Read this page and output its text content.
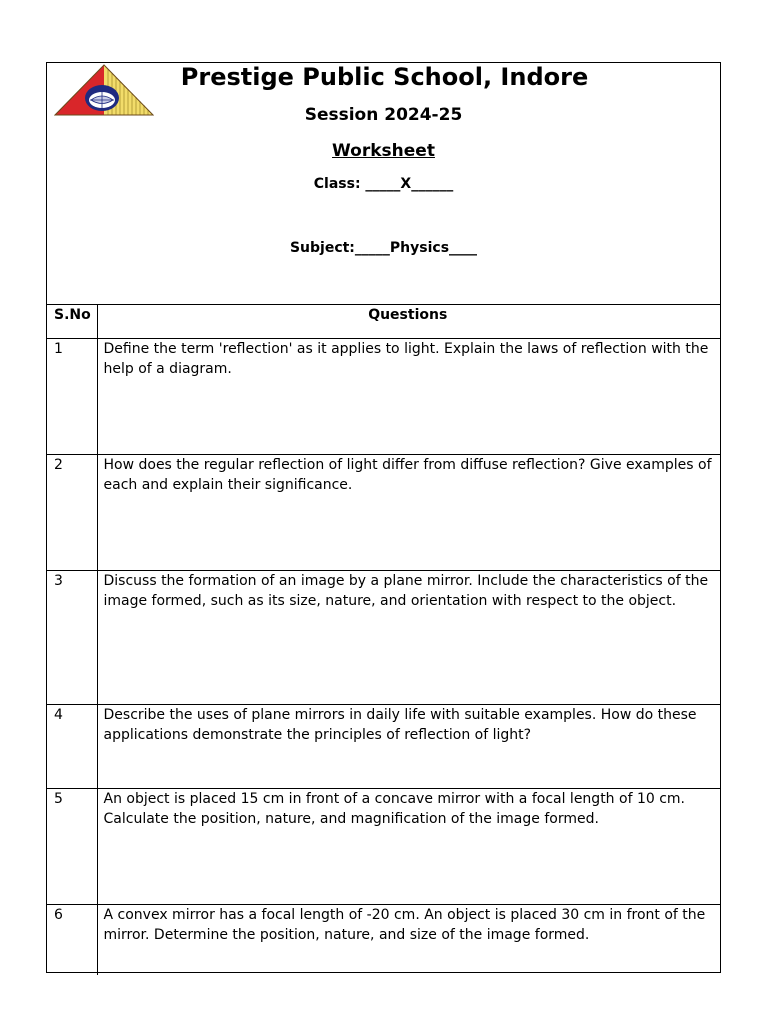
Prestige Public School, Indore
Session 2024-25
Worksheet
Class: _____X______
Subject:_____Physics____
S.No	Questions
1	Define the term 'reflection' as it applies to light. Explain the laws of reflection with the help of a diagram.
2	How does the regular reflection of light differ from diffuse reflection? Give examples of each and explain their significance.
3	Discuss the formation of an image by a plane mirror. Include the characteristics of the image formed, such as its size, nature, and orientation with respect to the object.
4	Describe the uses of plane mirrors in daily life with suitable examples. How do these applications demonstrate the principles of reflection of light?
5	An object is placed 15 cm in front of a concave mirror with a focal length of 10 cm. Calculate the position, nature, and magnification of the image formed.
6	A convex mirror has a focal length of -20 cm. An object is placed 30 cm in front of the mirror. Determine the position, nature, and size of the image formed.
